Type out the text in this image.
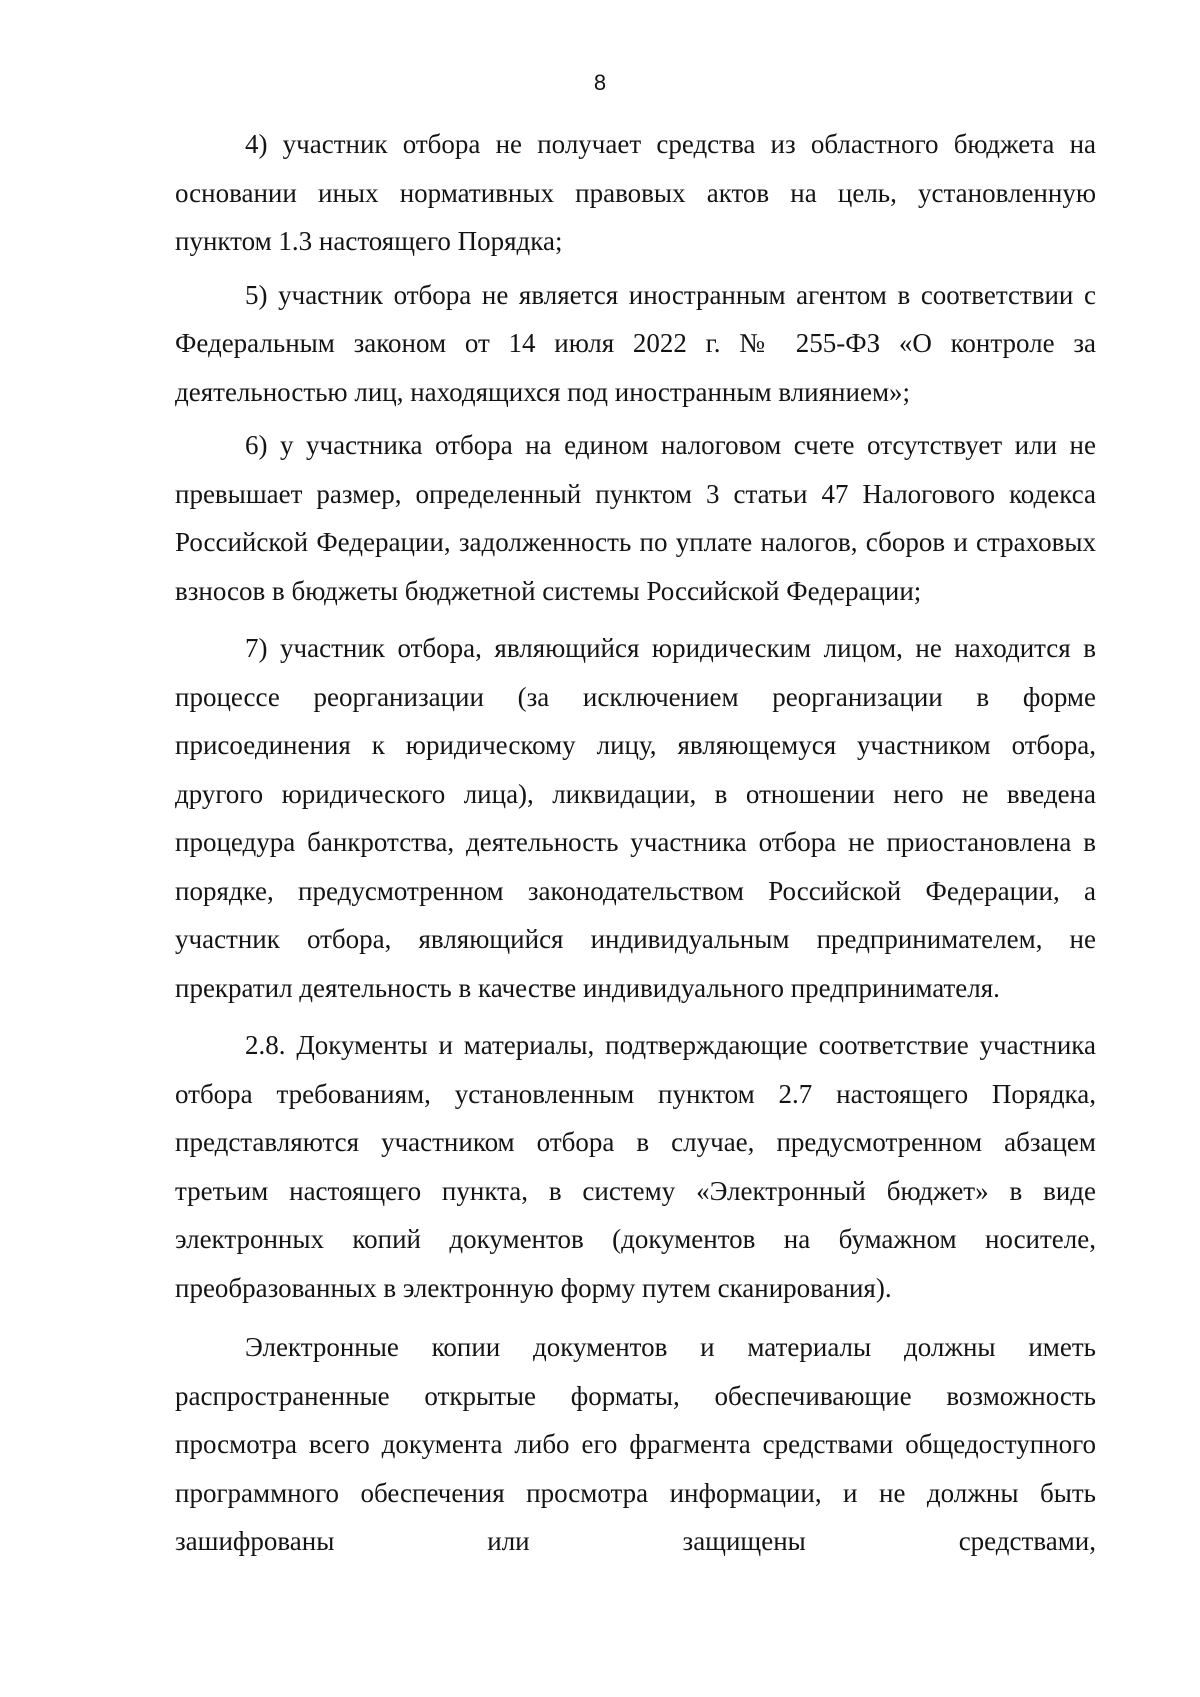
8

4) участник отбора не получает средства из областного бюджета на основании иных нормативных правовых актов на цель, установленную пунктом 1.3 настоящего Порядка;

5) участник отбора не является иностранным агентом в соответствии с Федеральным законом от 14 июля 2022 г. № 255-ФЗ «О контроле за деятельностью лиц, находящихся под иностранным влиянием»;

6) у участника отбора на едином налоговом счете отсутствует или не превышает размер, определенный пунктом 3 статьи 47 Налогового кодекса Российской Федерации, задолженность по уплате налогов, сборов и страховых взносов в бюджеты бюджетной системы Российской Федерации;

7) участник отбора, являющийся юридическим лицом, не находится в процессе реорганизации (за исключением реорганизации в форме присоединения к юридическому лицу, являющемуся участником отбора, другого юридического лица), ликвидации, в отношении него не введена процедура банкротства, деятельность участника отбора не приостановлена в порядке, предусмотренном законодательством Российской Федерации, а участник отбора, являющийся индивидуальным предпринимателем, не прекратил деятельность в качестве индивидуального предпринимателя.

2.8. Документы и материалы, подтверждающие соответствие участника отбора требованиям, установленным пунктом 2.7 настоящего Порядка, представляются участником отбора в случае, предусмотренном абзацем третьим настоящего пункта, в систему «Электронный бюджет» в виде электронных копий документов (документов на бумажном носителе, преобразованных в электронную форму путем сканирования).

Электронные копии документов и материалы должны иметь распространенные открытые форматы, обеспечивающие возможность просмотра всего документа либо его фрагмента средствами общедоступного программного обеспечения просмотра информации, и не должны быть зашифрованы или защищены средствами,
